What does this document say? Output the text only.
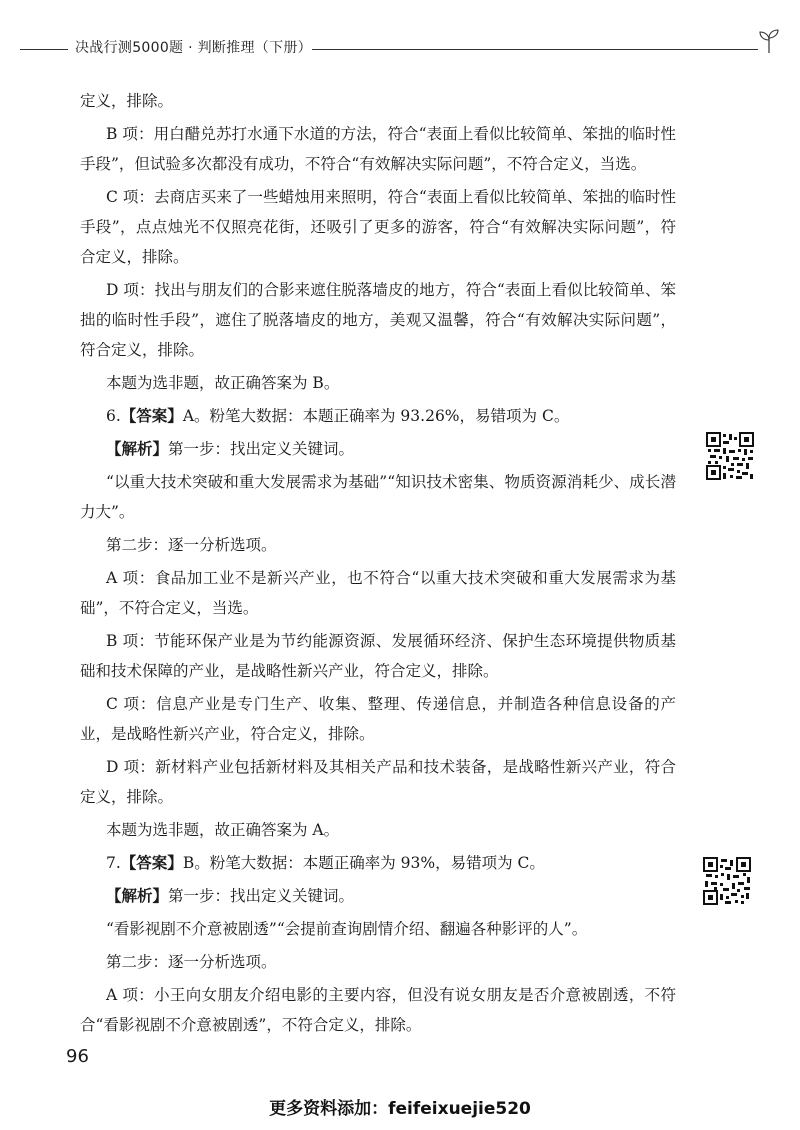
决战行测5000题 · 判断推理（下册）

定义，排除。

B 项：用白醋兑苏打水通下水道的方法，符合“表面上看似比较简单、笨拙的临时性手段”，但试验多次都没有成功，不符合“有效解决实际问题”，不符合定义，当选。

C 项：去商店买来了一些蜡烛用来照明，符合“表面上看似比较简单、笨拙的临时性手段”，点点烛光不仅照亮花街，还吸引了更多的游客，符合“有效解决实际问题”，符合定义，排除。

D 项：找出与朋友们的合影来遮住脱落墙皮的地方，符合“表面上看似比较简单、笨拙的临时性手段”，遮住了脱落墙皮的地方，美观又温馨，符合“有效解决实际问题”，符合定义，排除。

本题为选非题，故正确答案为 B。

6.【答案】A。粉笔大数据：本题正确率为 93.26%，易错项为 C。

【解析】第一步：找出定义关键词。

“以重大技术突破和重大发展需求为基础”“知识技术密集、物质资源消耗少、成长潜力大”。

第二步：逐一分析选项。

A 项：食品加工业不是新兴产业，也不符合“以重大技术突破和重大发展需求为基础”，不符合定义，当选。

B 项：节能环保产业是为节约能源资源、发展循环经济、保护生态环境提供物质基础和技术保障的产业，是战略性新兴产业，符合定义，排除。

C 项：信息产业是专门生产、收集、整理、传递信息，并制造各种信息设备的产业，是战略性新兴产业，符合定义，排除。

D 项：新材料产业包括新材料及其相关产品和技术装备，是战略性新兴产业，符合定义，排除。

本题为选非题，故正确答案为 A。

7.【答案】B。粉笔大数据：本题正确率为 93%，易错项为 C。

【解析】第一步：找出定义关键词。

“看影视剧不介意被剧透”“会提前查询剧情介绍、翻遍各种影评的人”。

第二步：逐一分析选项。

A 项：小王向女朋友介绍电影的主要内容，但没有说女朋友是否介意被剧透，不符合“看影视剧不介意被剧透”，不符合定义，排除。

96
更多资料添加：feifeixuejie520
